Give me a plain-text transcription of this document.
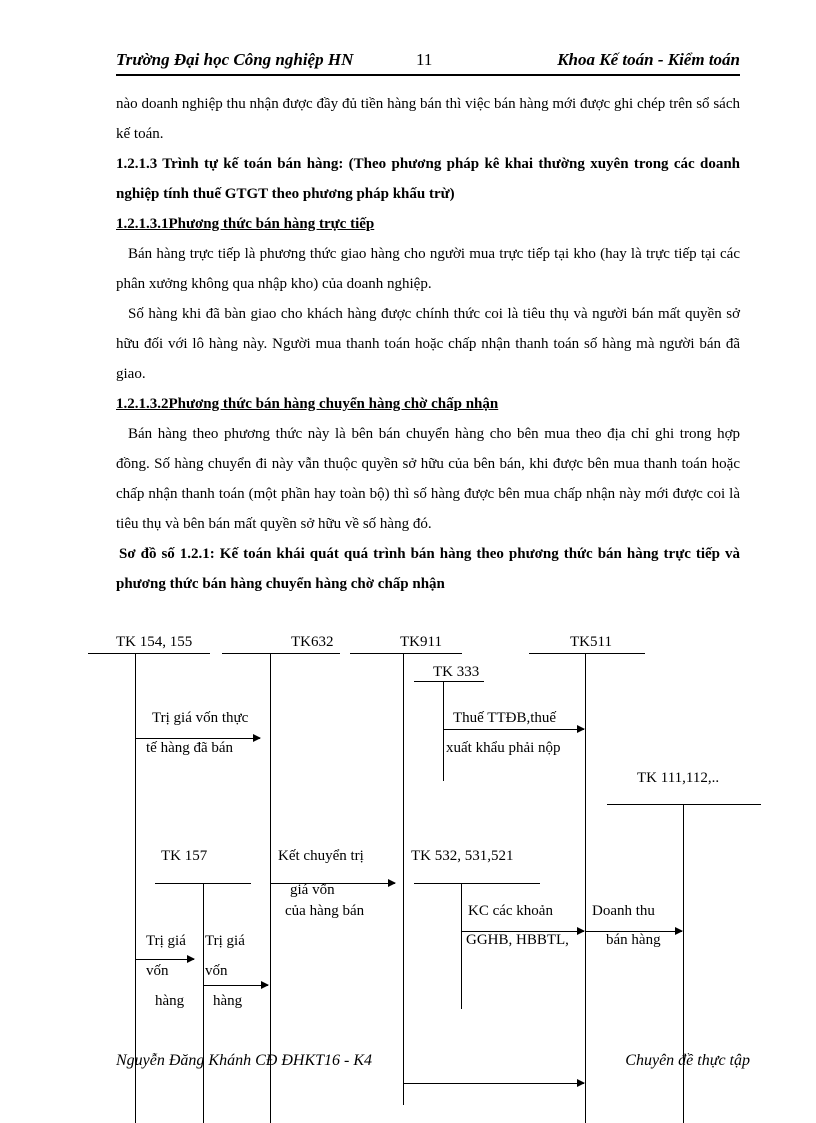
Trường Đại học Công nghiệp HN	11	Khoa Kế toán - Kiểm toán

nào doanh nghiệp thu nhận được đầy đủ tiền hàng bán thì việc bán hàng mới được ghi chép trên sổ sách kế toán.

1.2.1.3 Trình tự kế toán bán hàng: (Theo phương pháp kê khai thường xuyên trong các doanh nghiệp tính thuế GTGT theo phương pháp khấu trừ)

1.2.1.3.1Phương thức bán hàng trực tiếp

Bán hàng trực tiếp là phương thức giao hàng cho người mua trực tiếp tại kho (hay là trực tiếp tại các phân xưởng không qua nhập kho) của doanh nghiệp.

Số hàng khi đã bàn giao cho khách hàng được chính thức coi là tiêu thụ và người bán mất quyền sở hữu đối với lô hàng này. Người mua thanh toán hoặc chấp nhận thanh toán số hàng mà người bán đã giao.

1.2.1.3.2Phương thức bán hàng chuyển hàng chờ chấp nhận

Bán hàng theo phương thức này là bên bán chuyển hàng cho bên mua theo địa chỉ ghi trong hợp đồng. Số hàng chuyển đi này vẫn thuộc quyền sở hữu của bên bán, khi được bên mua thanh toán hoặc chấp nhận thanh toán (một phần hay toàn bộ) thì số hàng được bên mua chấp nhận này mới được coi là tiêu thụ và bên bán mất quyền sở hữu về số hàng đó.

Sơ đồ số 1.2.1: Kế toán khái quát quá trình bán hàng theo phương thức bán hàng trực tiếp và phương thức bán hàng chuyển hàng chờ chấp nhận

TK 154, 155	TK632	TK911	TK511
TK 333
Trị giá vốn thực
tế hàng đã bán
Thuế TTĐB,thuế
xuất khẩu phải nộp
TK 111,112,..
TK 157	Kết chuyển trị
giá vốn
của hàng bán
TK 532, 531,521
KC các khoản
GGHB, HBBTL,
Doanh thu
bán hàng
Trị giá
vốn
hàng
Trị giá
vốn
hàng
Nguyễn Đăng Khánh CĐ ĐHKT16 - K4	Chuyên đề thực tập
